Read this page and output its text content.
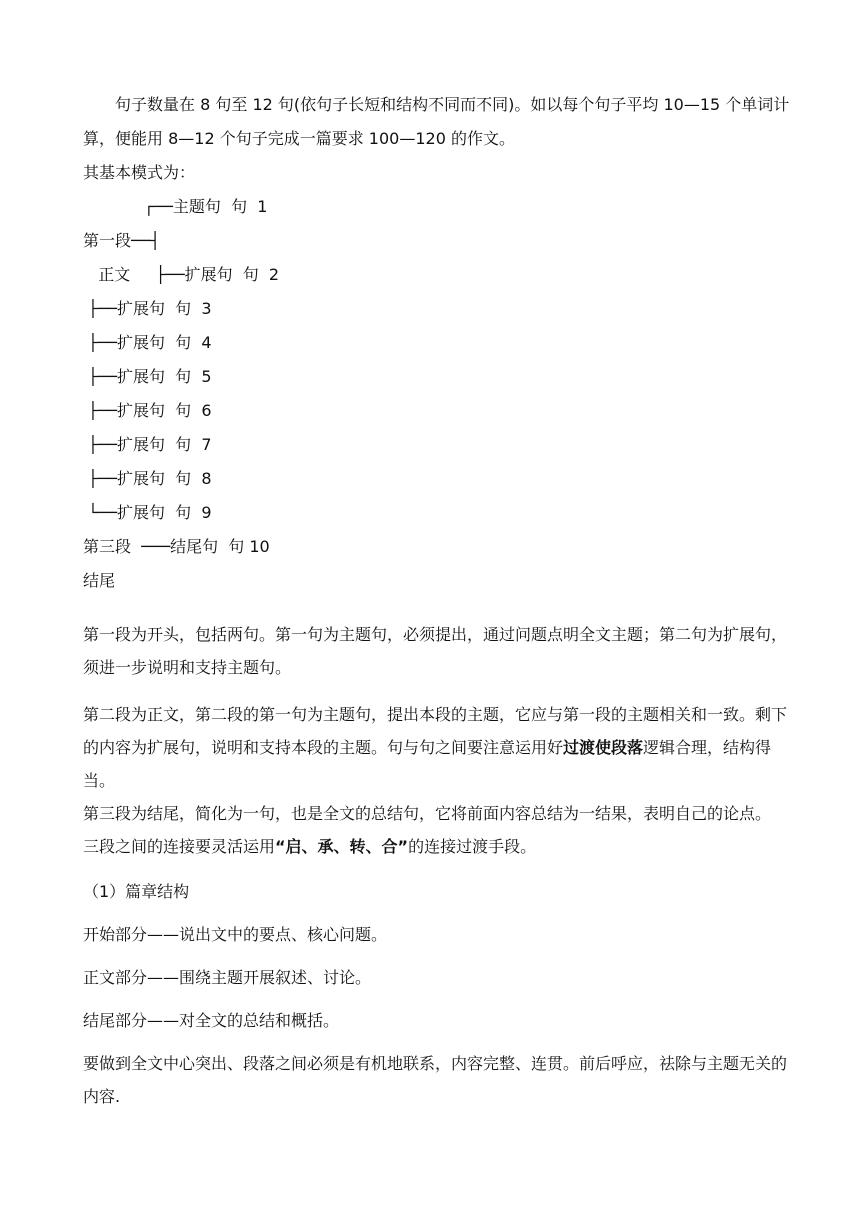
句子数量在 8 句至 12 句(依句子长短和结构不同而不同)。如以每个句子平均 10—15 个单词计算，便能用 8—12 个句子完成一篇要求 100—120 的作文。

其基本模式为：

┌──主题句  句  1
第一段──┤
正文     ├──扩展句  句  2
├──扩展句  句  3
├──扩展句  句  4
├──扩展句  句  5
├──扩展句  句  6
├──扩展句  句  7
├──扩展句  句  8
└──扩展句  句  9
第三段  ───结尾句  句 10
结尾

第一段为开头，包括两句。第一句为主题句，必须提出，通过问题点明全文主题；第二句为扩展句，须进一步说明和支持主题句。

第二段为正文，第二段的第一句为主题句，提出本段的主题，它应与第一段的主题相关和一致。剩下的内容为扩展句，说明和支持本段的主题。句与句之间要注意运用好过渡使段落逻辑合理，结构得当。

第三段为结尾，简化为一句，也是全文的总结句，它将前面内容总结为一结果，表明自己的论点。

三段之间的连接要灵活运用“启、承、转、合”的连接过渡手段。

（1）篇章结构

开始部分——说出文中的要点、核心问题。

正文部分——围绕主题开展叙述、讨论。

结尾部分——对全文的总结和概括。

要做到全文中心突出、段落之间必须是有机地联系，内容完整、连贯。前后呼应，祛除与主题无关的内容.
